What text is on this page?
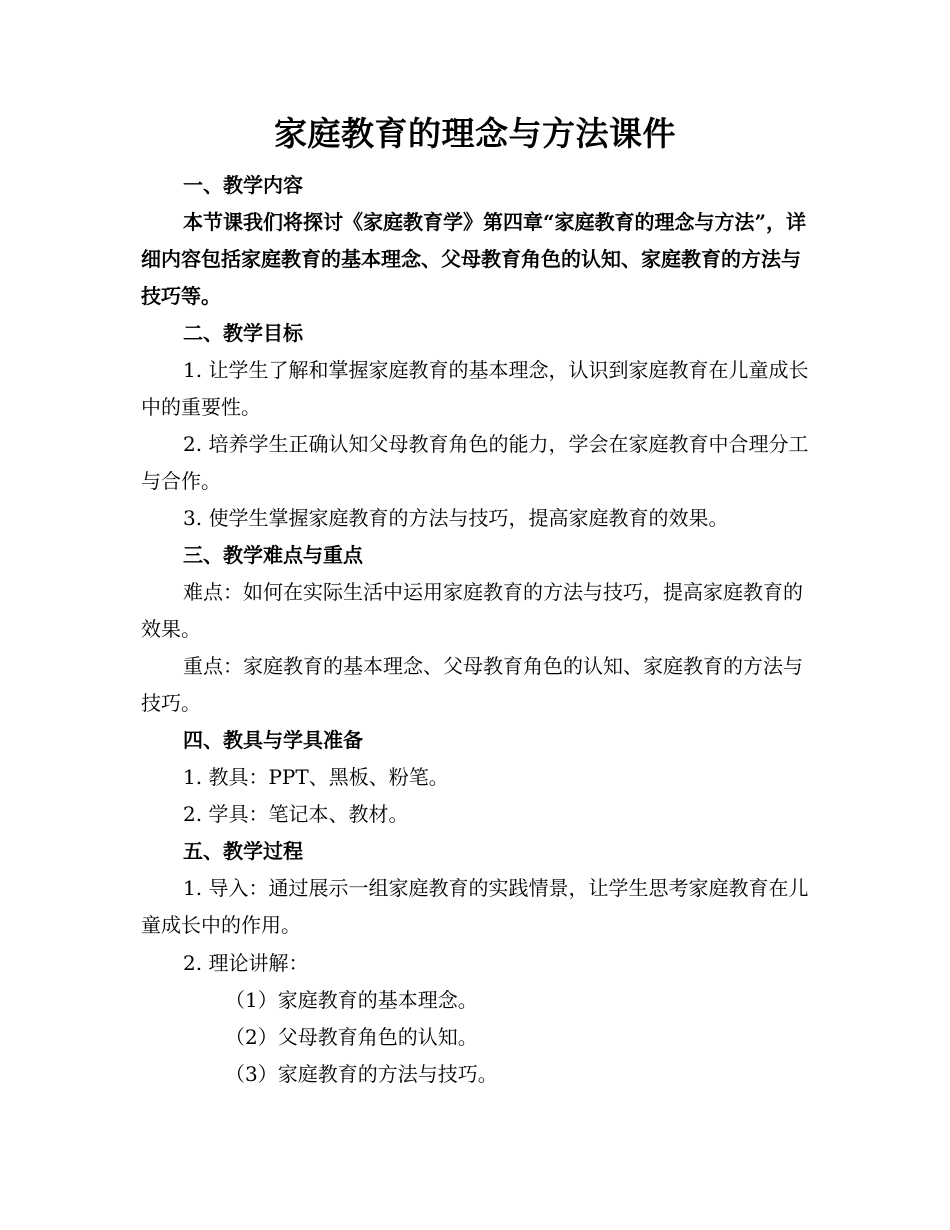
家庭教育的理念与方法课件

一、教学内容

本节课我们将探讨《家庭教育学》第四章“家庭教育的理念与方法”，详细内容包括家庭教育的基本理念、父母教育角色的认知、家庭教育的方法与技巧等。

二、教学目标

1. 让学生了解和掌握家庭教育的基本理念，认识到家庭教育在儿童成长中的重要性。

2. 培养学生正确认知父母教育角色的能力，学会在家庭教育中合理分工与合作。

3. 使学生掌握家庭教育的方法与技巧，提高家庭教育的效果。

三、教学难点与重点

难点：如何在实际生活中运用家庭教育的方法与技巧，提高家庭教育的效果。

重点：家庭教育的基本理念、父母教育角色的认知、家庭教育的方法与技巧。

四、教具与学具准备

1. 教具：PPT、黑板、粉笔。

2. 学具：笔记本、教材。

五、教学过程

1. 导入：通过展示一组家庭教育的实践情景，让学生思考家庭教育在儿童成长中的作用。

2. 理论讲解：

（1）家庭教育的基本理念。

（2）父母教育角色的认知。

（3）家庭教育的方法与技巧。
